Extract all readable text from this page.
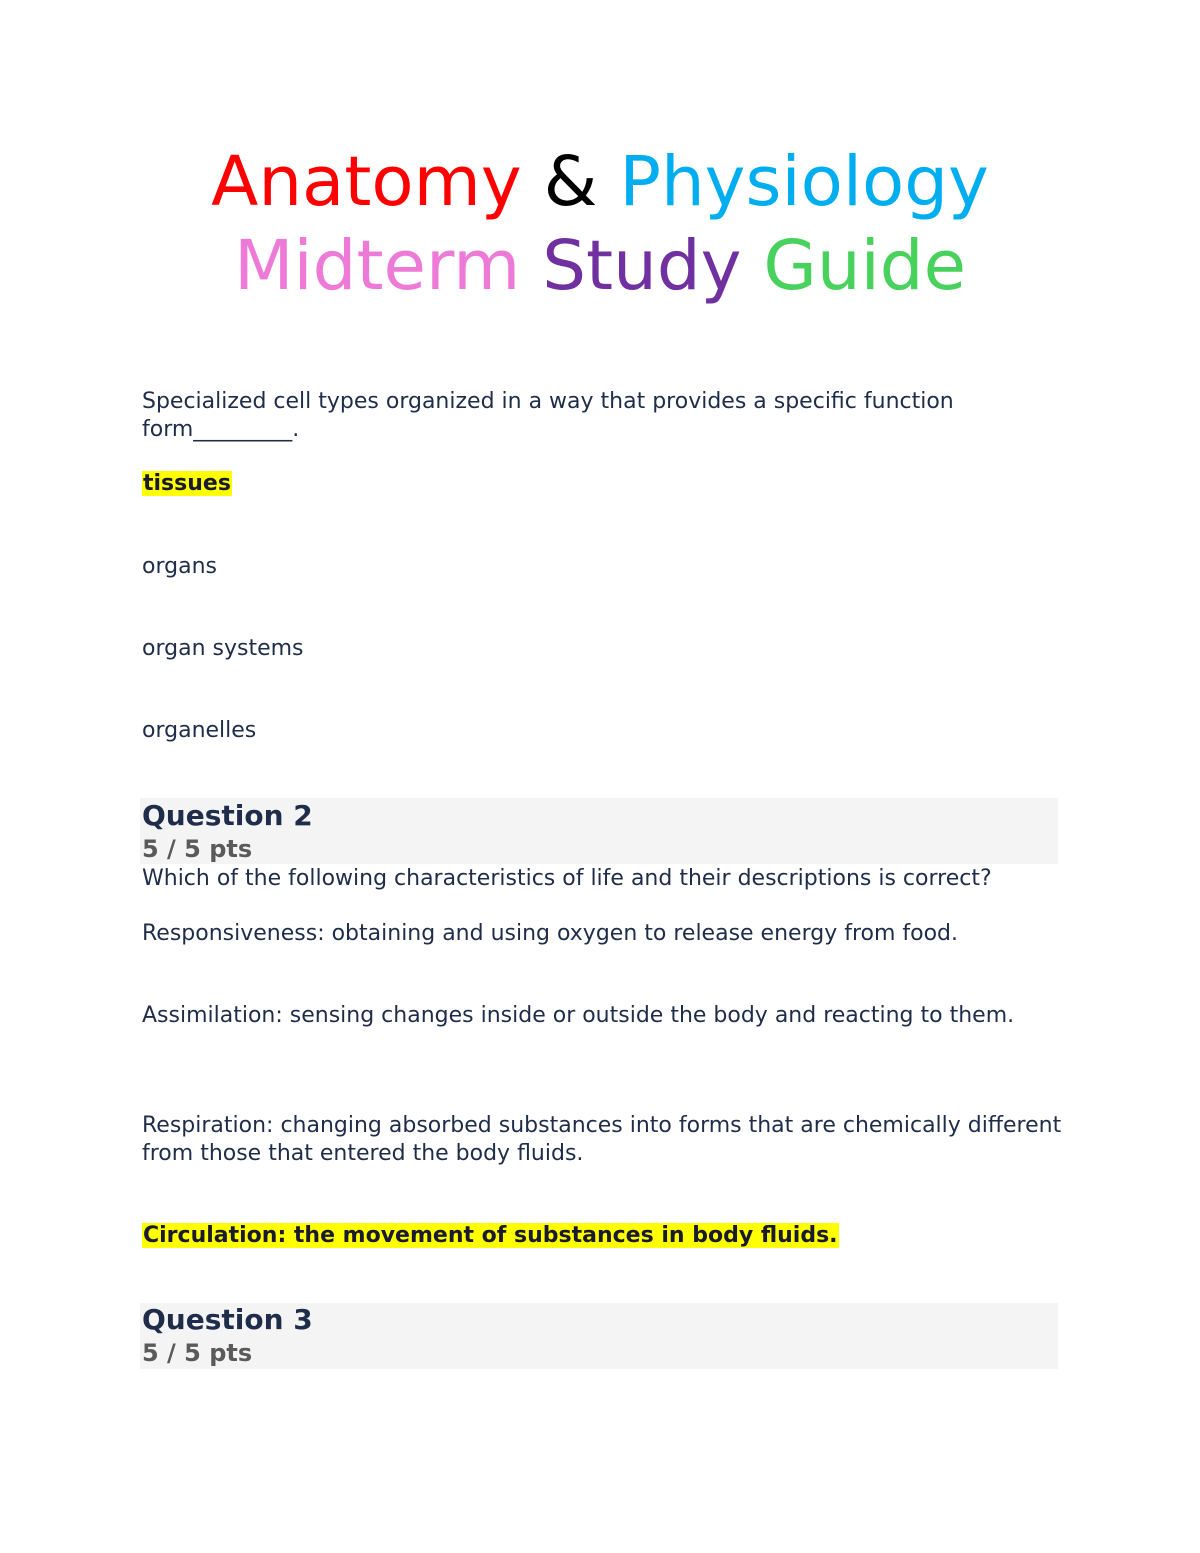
Anatomy & Physiology
Midterm Study Guide
Specialized cell types organized in a way that provides a specific function form_________.
tissues
organs
organ systems
organelles
Question 2
5 / 5 pts
Which of the following characteristics of life and their descriptions is correct?
Responsiveness: obtaining and using oxygen to release energy from food.
Assimilation: sensing changes inside or outside the body and reacting to them.
Respiration: changing absorbed substances into forms that are chemically different from those that entered the body fluids.
Circulation: the movement of substances in body fluids.
Question 3
5 / 5 pts
